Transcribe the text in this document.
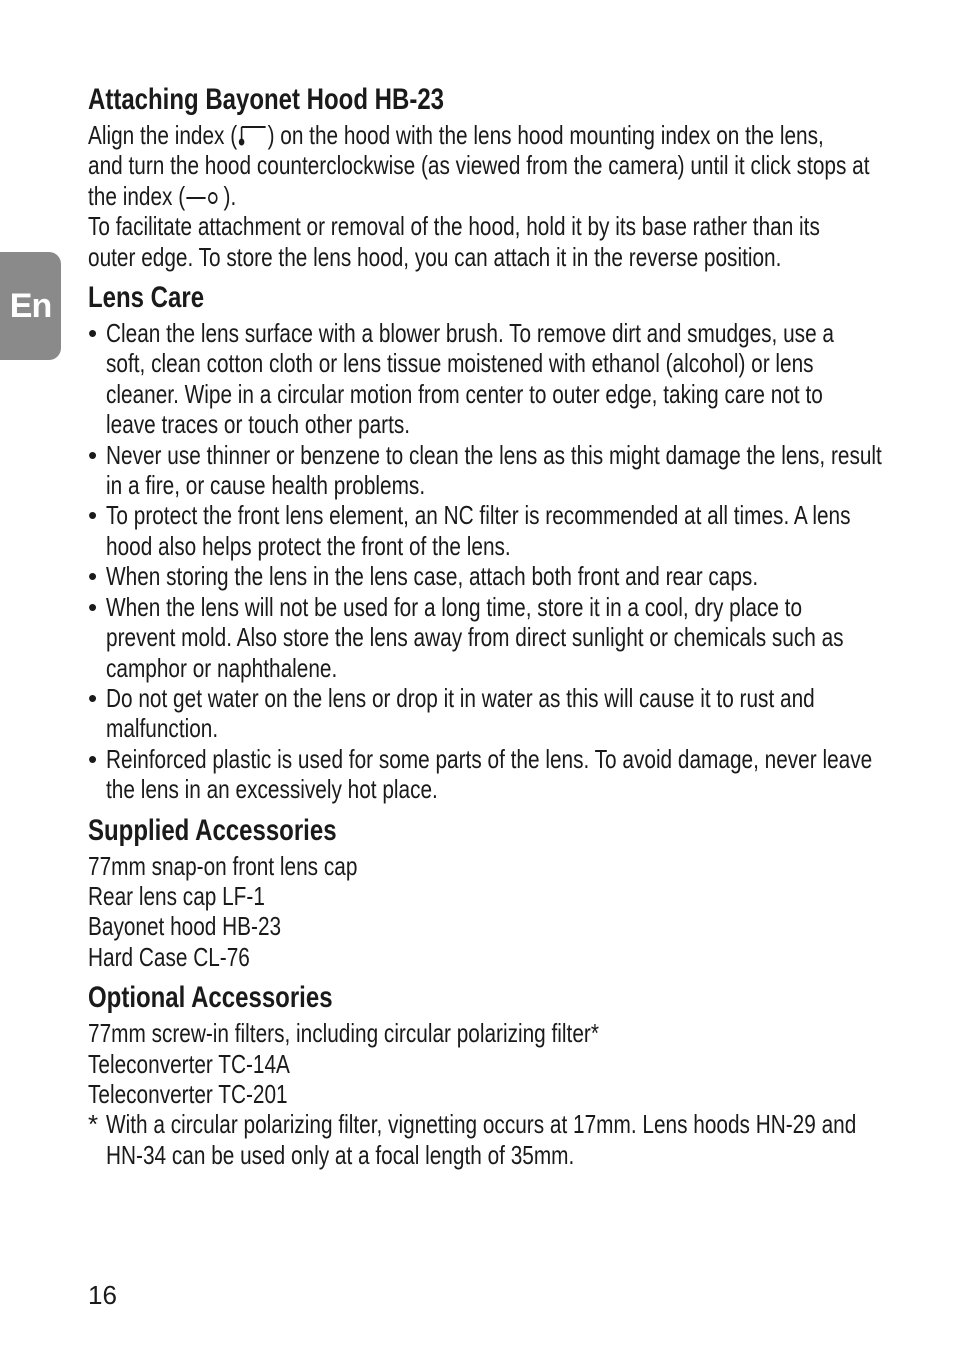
En
Attaching Bayonet Hood HB-23

Align the index ( ) on the hood with the lens hood mounting index on the lens,

and turn the hood counterclockwise (as viewed from the camera) until it click stops at

the index ( ).

To facilitate attachment or removal of the hood, hold it by its base rather than its

outer edge. To store the lens hood, you can attach it in the reverse position.

Lens Care
• Clean the lens surface with a blower brush. To remove dirt and smudges, use a

soft, clean cotton cloth or lens tissue moistened with ethanol (alcohol) or lens

cleaner. Wipe in a circular motion from center to outer edge, taking care not to

leave traces or touch other parts.

• Never use thinner or benzene to clean the lens as this might damage the lens, result

in a fire, or cause health problems.

• To protect the front lens element, an NC filter is recommended at all times. A lens

hood also helps protect the front of the lens.

• When storing the lens in the lens case, attach both front and rear caps.

• When the lens will not be used for a long time, store it in a cool, dry place to

prevent mold. Also store the lens away from direct sunlight or chemicals such as

camphor or naphthalene.

• Do not get water on the lens or drop it in water as this will cause it to rust and

malfunction.

• Reinforced plastic is used for some parts of the lens. To avoid damage, never leave

the lens in an excessively hot place.

Supplied Accessories

77mm snap-on front lens cap

Rear lens cap LF-1

Bayonet hood HB-23

Hard Case CL-76

Optional Accessories

77mm screw-in filters, including circular polarizing filter*

Teleconverter TC-14A

Teleconverter TC-201

* With a circular polarizing filter, vignetting occurs at 17mm. Lens hoods HN-29 and

HN-34 can be used only at a focal length of 35mm.

16
